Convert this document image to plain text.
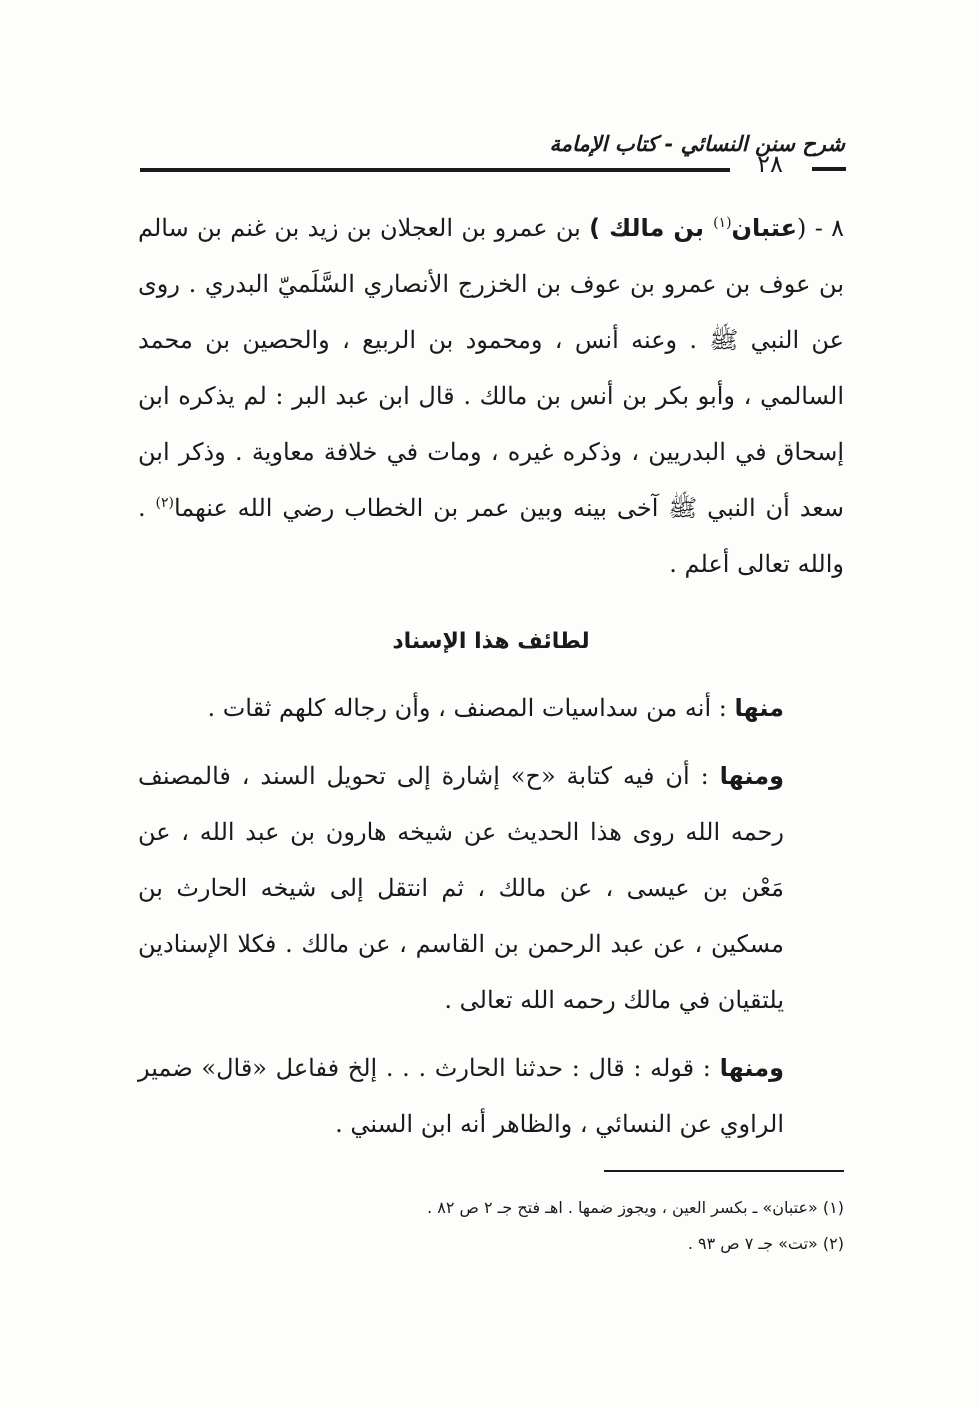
شرح سنن النسائي - كتاب الإمامة
٢٨

٨ - (عتبان$^{(١)}$ بن مالك ) بن عمرو بن العجلان بن زيد بن غنم بن سالم بن عوف بن عمرو بن عوف بن الخزرج الأنصاري السَّلَميّ البدري . روى عن النبي ﷺ . وعنه أنس ، ومحمود بن الربيع ، والحصين بن محمد السالمي ، وأبو بكر بن أنس بن مالك . قال ابن عبد البر : لم يذكره ابن إسحاق في البدريين ، وذكره غيره ، ومات في خلافة معاوية . وذكر ابن سعد أن النبي ﷺ آخى بينه وبين عمر بن الخطاب رضي الله عنهما$^{(٢)}$ . والله تعالى أعلم .

لطائف هذا الإسناد

منها : أنه من سداسيات المصنف ، وأن رجاله كلهم ثقات .

ومنها : أن فيه كتابة «ح» إشارة إلى تحويل السند ، فالمصنف رحمه الله روى هذا الحديث عن شيخه هارون بن عبد الله ، عن مَعْن بن عيسى ، عن مالك ، ثم انتقل إلى شيخه الحارث بن مسكين ، عن عبد الرحمن بن القاسم ، عن مالك . فكلا الإسنادين يلتقيان في مالك رحمه الله تعالى .

ومنها : قوله : قال : حدثنا الحارث . . . إلخ ففاعل «قال» ضمير الراوي عن النسائي ، والظاهر أنه ابن السني .

(١) «عتبان» ـ بكسر العين ، ويجوز ضمها . اهـ فتح جـ ٢ ص ٨٢ .
(٢) «تت» جـ ٧ ص ٩٣ .
